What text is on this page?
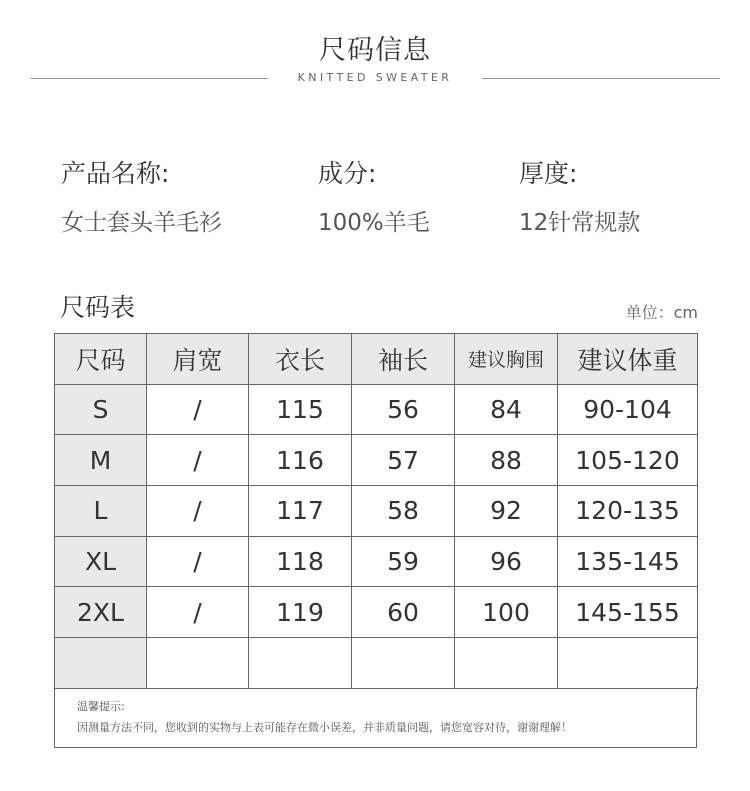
尺码信息
KNITTED SWEATER
产品名称:
女士套头羊毛衫
成分:
100%羊毛
厚度:
12针常规款
尺码表	单位：cm
尺码	肩宽	衣长	袖长	建议胸围	建议体重
S	/	115	56	84	90-104
M	/	116	57	88	105-120
L	/	117	58	92	120-135
XL	/	118	59	96	135-145
2XL	/	119	60	100	145-155

温馨提示:
因测量方法不同，您收到的实物与上表可能存在微小误差，并非质量问题，请您宽容对待，谢谢理解！
